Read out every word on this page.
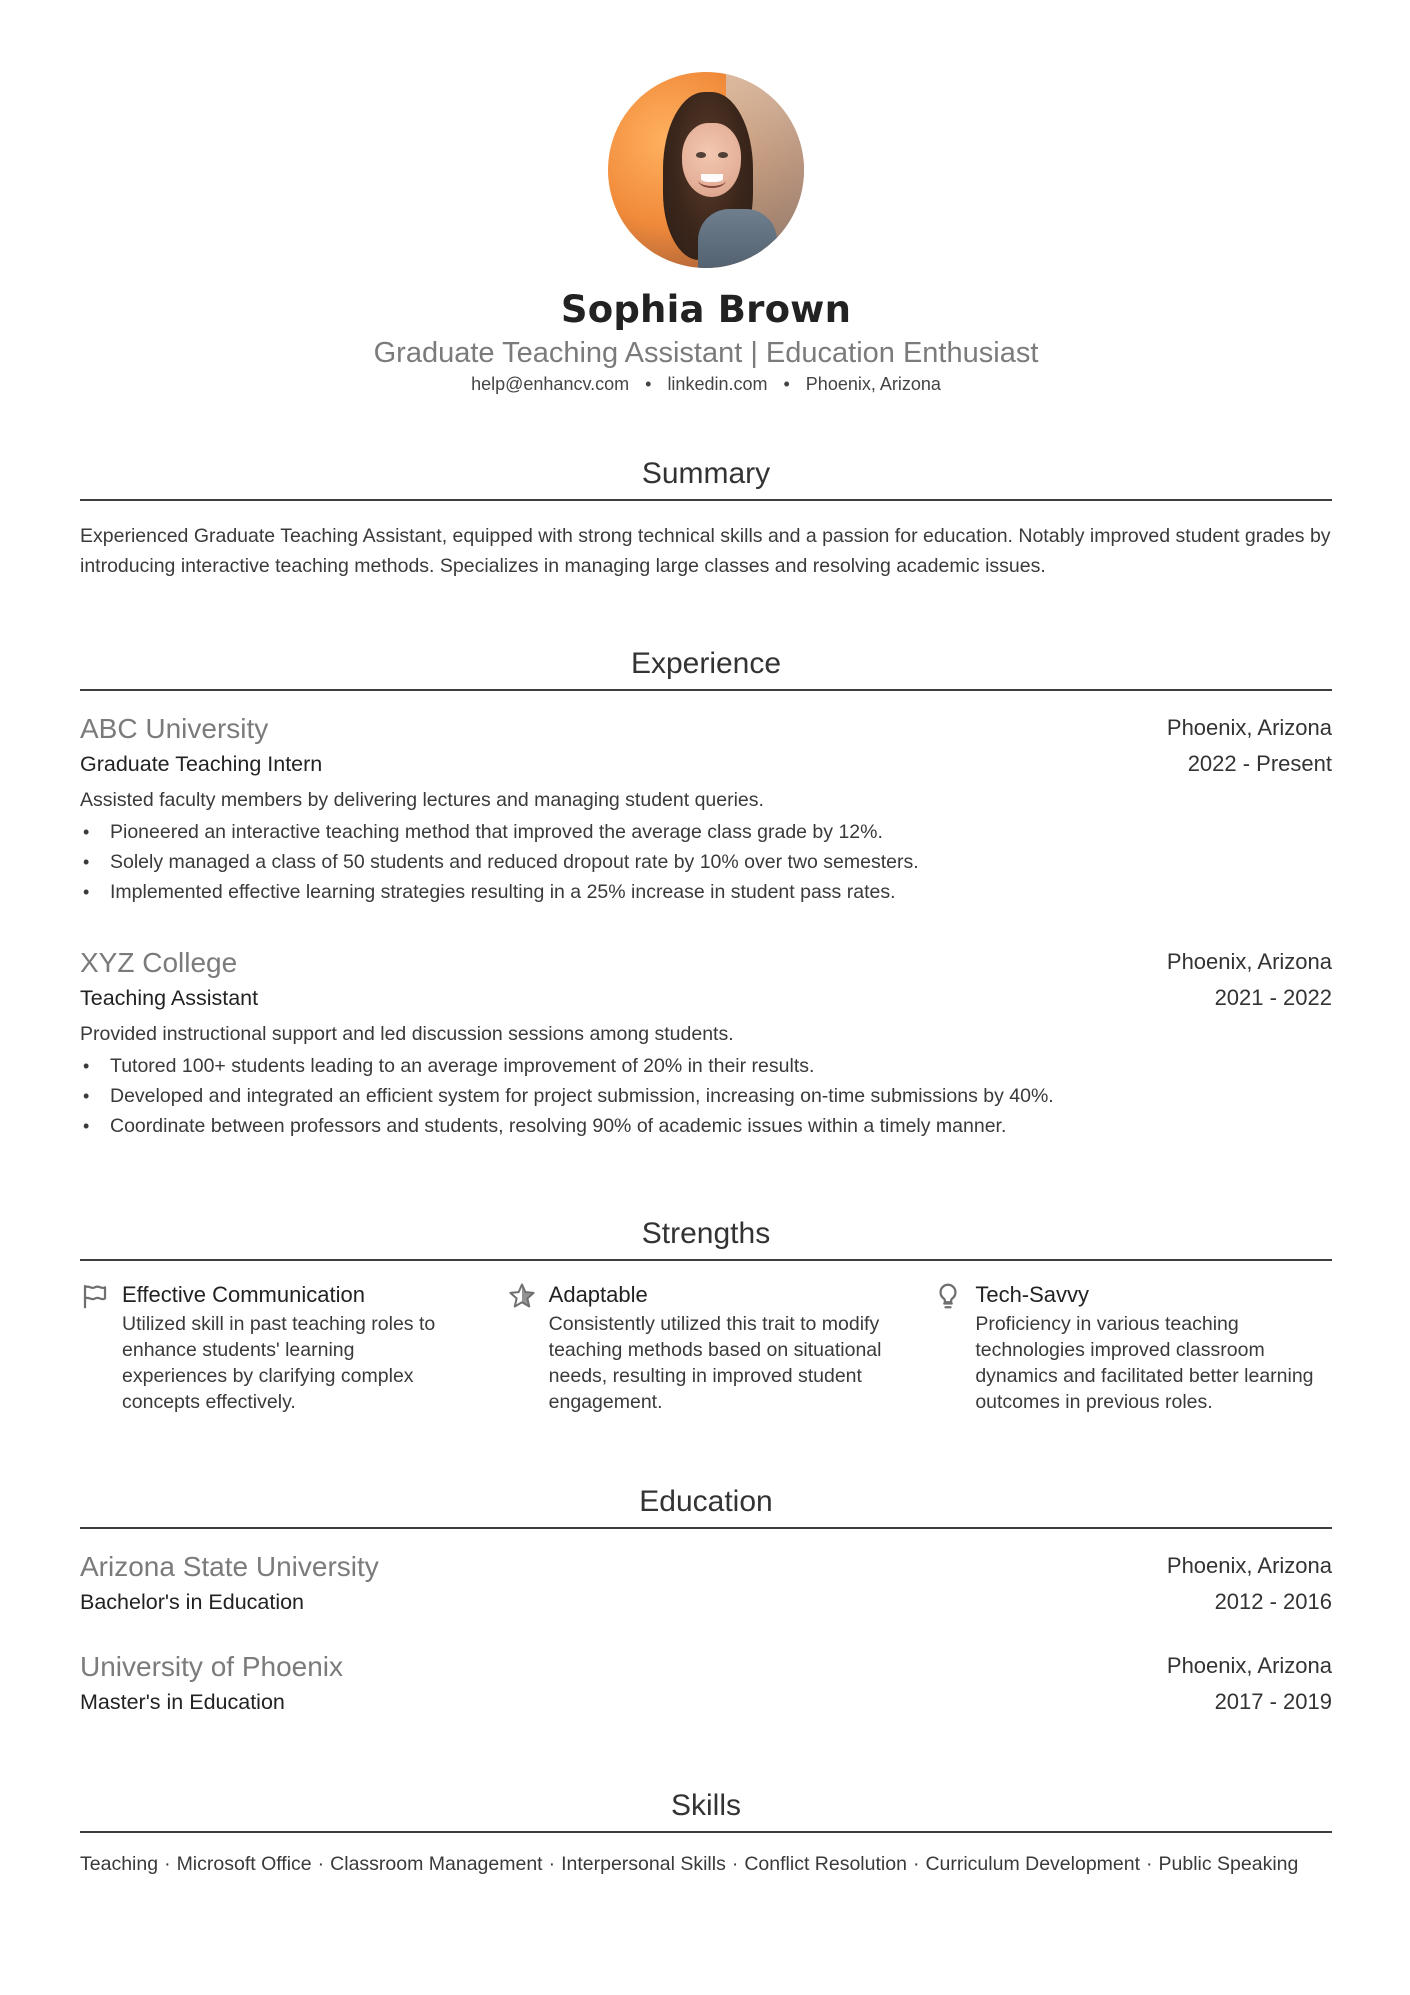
Sophia Brown
Graduate Teaching Assistant | Education Enthusiast
help@enhancv.com • linkedin.com • Phoenix, Arizona
Summary
Experienced Graduate Teaching Assistant, equipped with strong technical skills and a passion for education. Notably improved student grades by introducing interactive teaching methods. Specializes in managing large classes and resolving academic issues.
Experience
ABC University	Phoenix, Arizona
Graduate Teaching Intern	2022 - Present
Assisted faculty members by delivering lectures and managing student queries.
• Pioneered an interactive teaching method that improved the average class grade by 12%.
• Solely managed a class of 50 students and reduced dropout rate by 10% over two semesters.
• Implemented effective learning strategies resulting in a 25% increase in student pass rates.
XYZ College	Phoenix, Arizona
Teaching Assistant	2021 - 2022
Provided instructional support and led discussion sessions among students.
• Tutored 100+ students leading to an average improvement of 20% in their results.
• Developed and integrated an efficient system for project submission, increasing on-time submissions by 40%.
• Coordinate between professors and students, resolving 90% of academic issues within a timely manner.
Strengths
Effective Communication
Utilized skill in past teaching roles to enhance students' learning experiences by clarifying complex concepts effectively.
Adaptable
Consistently utilized this trait to modify teaching methods based on situational needs, resulting in improved student engagement.
Tech-Savvy
Proficiency in various teaching technologies improved classroom dynamics and facilitated better learning outcomes in previous roles.
Education
Arizona State University	Phoenix, Arizona
Bachelor's in Education	2012 - 2016
University of Phoenix	Phoenix, Arizona
Master's in Education	2017 - 2019
Skills
Teaching · Microsoft Office · Classroom Management · Interpersonal Skills · Conflict Resolution · Curriculum Development · Public Speaking
